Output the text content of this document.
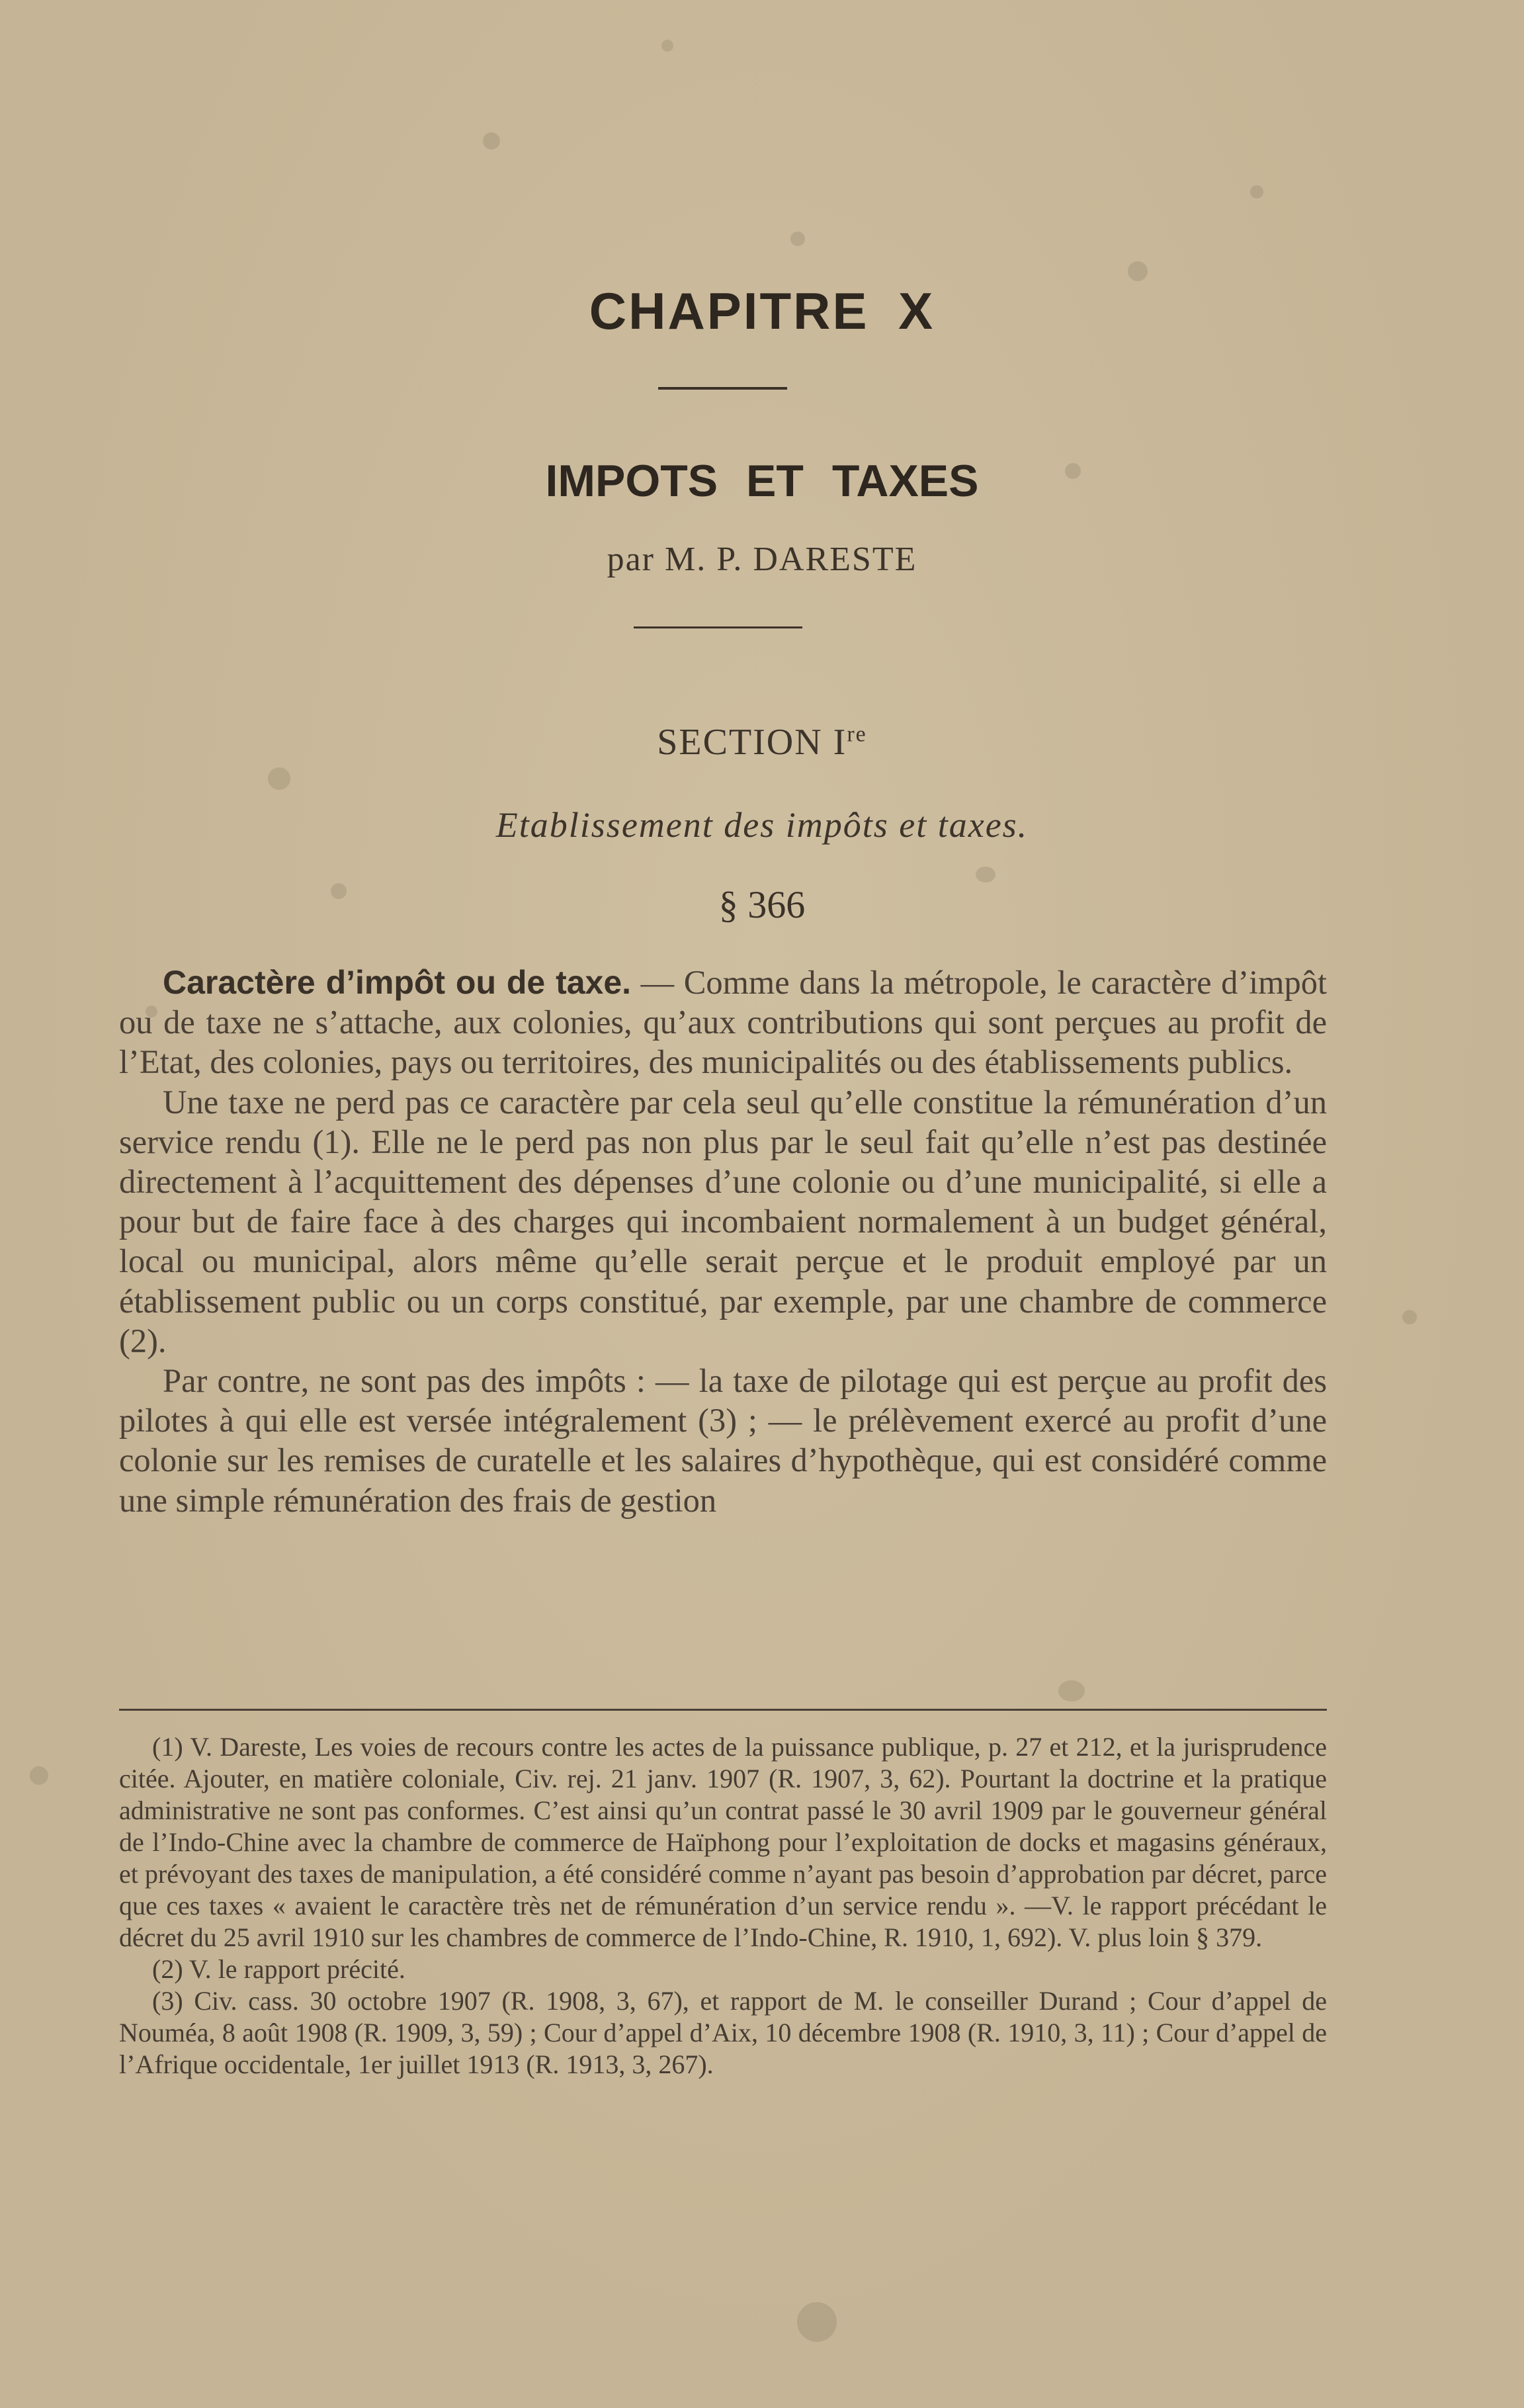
CHAPITRE X
IMPOTS ET TAXES
par M. P. DARESTE
SECTION Ire
Etablissement des impôts et taxes.
§ 366

Caractère d’impôt ou de taxe. — Comme dans la métropole, le caractère d’impôt ou de taxe ne s’attache, aux colonies, qu’aux contributions qui sont perçues au profit de l’Etat, des colonies, pays ou territoires, des municipalités ou des établissements publics.

Une taxe ne perd pas ce caractère par cela seul qu’elle constitue la rémunération d’un service rendu (1). Elle ne le perd pas non plus par le seul fait qu’elle n’est pas destinée directement à l’acquittement des dépenses d’une colonie ou d’une municipalité, si elle a pour but de faire face à des charges qui incombaient normalement à un budget général, local ou municipal, alors même qu’elle serait perçue et le produit employé par un établissement public ou un corps constitué, par exemple, par une chambre de commerce (2).

Par contre, ne sont pas des impôts : — la taxe de pilotage qui est perçue au profit des pilotes à qui elle est versée intégralement (3) ; — le prélèvement exercé au profit d’une colonie sur les remises de curatelle et les salaires d’hypothèque, qui est considéré comme une simple rémunération des frais de gestion

(1) V. Dareste, Les voies de recours contre les actes de la puissance publique, p. 27 et 212, et la jurisprudence citée. Ajouter, en matière coloniale, Civ. rej. 21 janv. 1907 (R. 1907, 3, 62). Pourtant la doctrine et la pratique administrative ne sont pas conformes. C’est ainsi qu’un contrat passé le 30 avril 1909 par le gouverneur général de l’Indo-Chine avec la chambre de commerce de Haïphong pour l’exploitation de docks et magasins généraux, et prévoyant des taxes de manipulation, a été considéré comme n’ayant pas besoin d’approbation par décret, parce que ces taxes « avaient le caractère très net de rémunération d’un service rendu ». —V. le rapport précédant le décret du 25 avril 1910 sur les chambres de commerce de l’Indo-Chine, R. 1910, 1, 692). V. plus loin § 379.

(2) V. le rapport précité.

(3) Civ. cass. 30 octobre 1907 (R. 1908, 3, 67), et rapport de M. le conseiller Durand ; Cour d’appel de Nouméa, 8 août 1908 (R. 1909, 3, 59) ; Cour d’appel d’Aix, 10 décembre 1908 (R. 1910, 3, 11) ; Cour d’appel de l’Afrique occidentale, 1er juillet 1913 (R. 1913, 3, 267).
